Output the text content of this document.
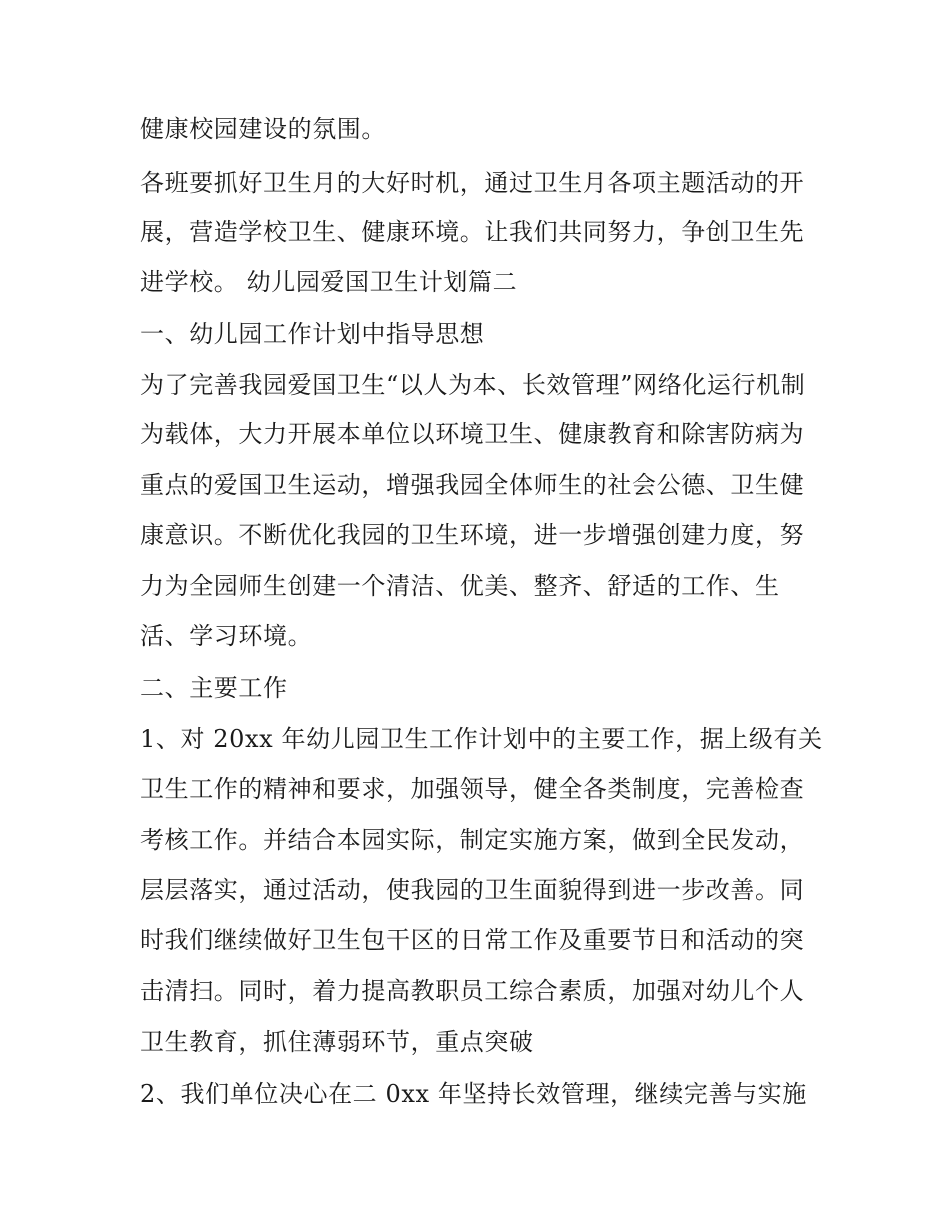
健康校园建设的氛围。
各班要抓好卫生月的大好时机，通过卫生月各项主题活动的开
展，营造学校卫生、健康环境。让我们共同努力，争创卫生先
进学校。 幼儿园爱国卫生计划篇二
一、幼儿园工作计划中指导思想
为了完善我园爱国卫生“以人为本、长效管理”网络化运行机制
为载体，大力开展本单位以环境卫生、健康教育和除害防病为
重点的爱国卫生运动，增强我园全体师生的社会公德、卫生健
康意识。不断优化我园的卫生环境，进一步增强创建力度，努
力为全园师生创建一个清洁、优美、整齐、舒适的工作、生
活、学习环境。
二、主要工作
1、对 20xx 年幼儿园卫生工作计划中的主要工作，据上级有关
卫生工作的精神和要求，加强领导，健全各类制度，完善检查
考核工作。并结合本园实际，制定实施方案，做到全民发动，
层层落实，通过活动，使我园的卫生面貌得到进一步改善。同
时我们继续做好卫生包干区的日常工作及重要节日和活动的突
击清扫。同时，着力提高教职员工综合素质，加强对幼儿个人
卫生教育，抓住薄弱环节，重点突破
2、我们单位决心在二 0xx 年坚持长效管理，继续完善与实施
